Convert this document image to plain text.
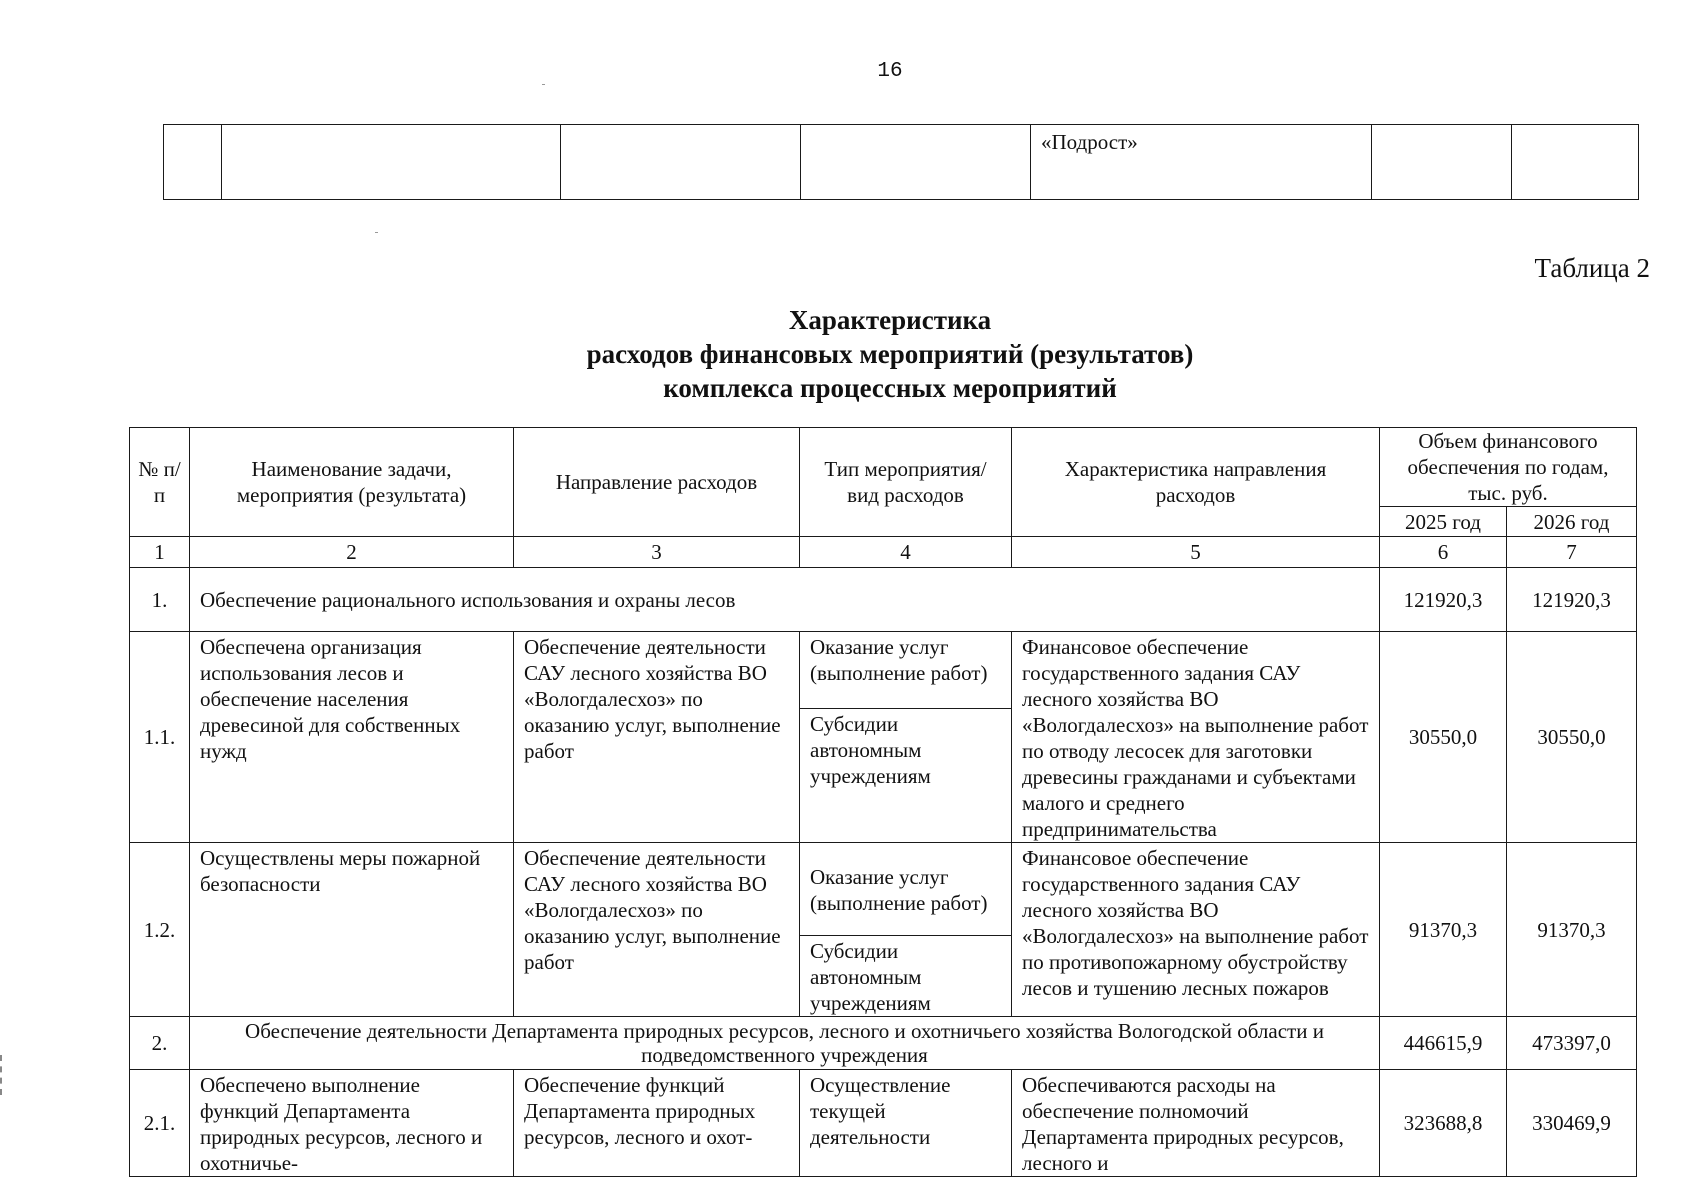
16
				«Подрост»		
Таблица 2
Характеристика
расходов финансовых мероприятий (результатов)
комплекса процессных мероприятий
№ п/п	Наименование задачи, мероприятия (результата)	Направление расходов	Тип мероприятия/вид расходов	Характеристика направления расходов	Объем финансового обеспечения по годам, тыс. руб.	
					2025 год	2026 год
1	2	3	4	5	6	7
1.	Обеспечение рационального использования и охраны лесов				121920,3	121920,3
1.1.	Обеспечена организация использования лесов и обеспечение населения древесиной для собственных нужд	Обеспечение деятельности САУ лесного хозяйства ВО «Вологдалесхоз» по оказанию услуг, выполнение работ	Оказание услуг (выполнение работ)	Финансовое обеспечение государственного задания САУ лесного хозяйства ВО «Вологдалесхоз» на выполнение работ по отводу лесосек для заготовки древесины гражданами и субъектами малого и среднего предпринимательства	30550,0	30550,0
			Субсидии автономным учреждениям			
1.2.	Осуществлены меры пожарной безопасности	Обеспечение деятельности САУ лесного хозяйства ВО «Вологдалесхоз» по оказанию услуг, выполнение работ	Оказание услуг (выполнение работ)	Финансовое обеспечение государственного задания САУ лесного хозяйства ВО «Вологдалесхоз» на выполнение работ по противопожарному обустройству лесов и тушению лесных пожаров	91370,3	91370,3
			Субсидии автономным учреждениям			
2.	Обеспечение деятельности Департамента природных ресурсов, лесного и охотничьего хозяйства Вологодской области и подведомственного учреждения				446615,9	473397,0
2.1.	Обеспечено выполнение функций Департамента природных ресурсов, лесного и охотничье-	Обеспечение функций Департамента природных ресурсов, лесного и охот-	Осуществление текущей деятельности	Обеспечиваются расходы на обеспечение полномочий Департамента природных ресурсов, лесного и	323688,8	330469,9
